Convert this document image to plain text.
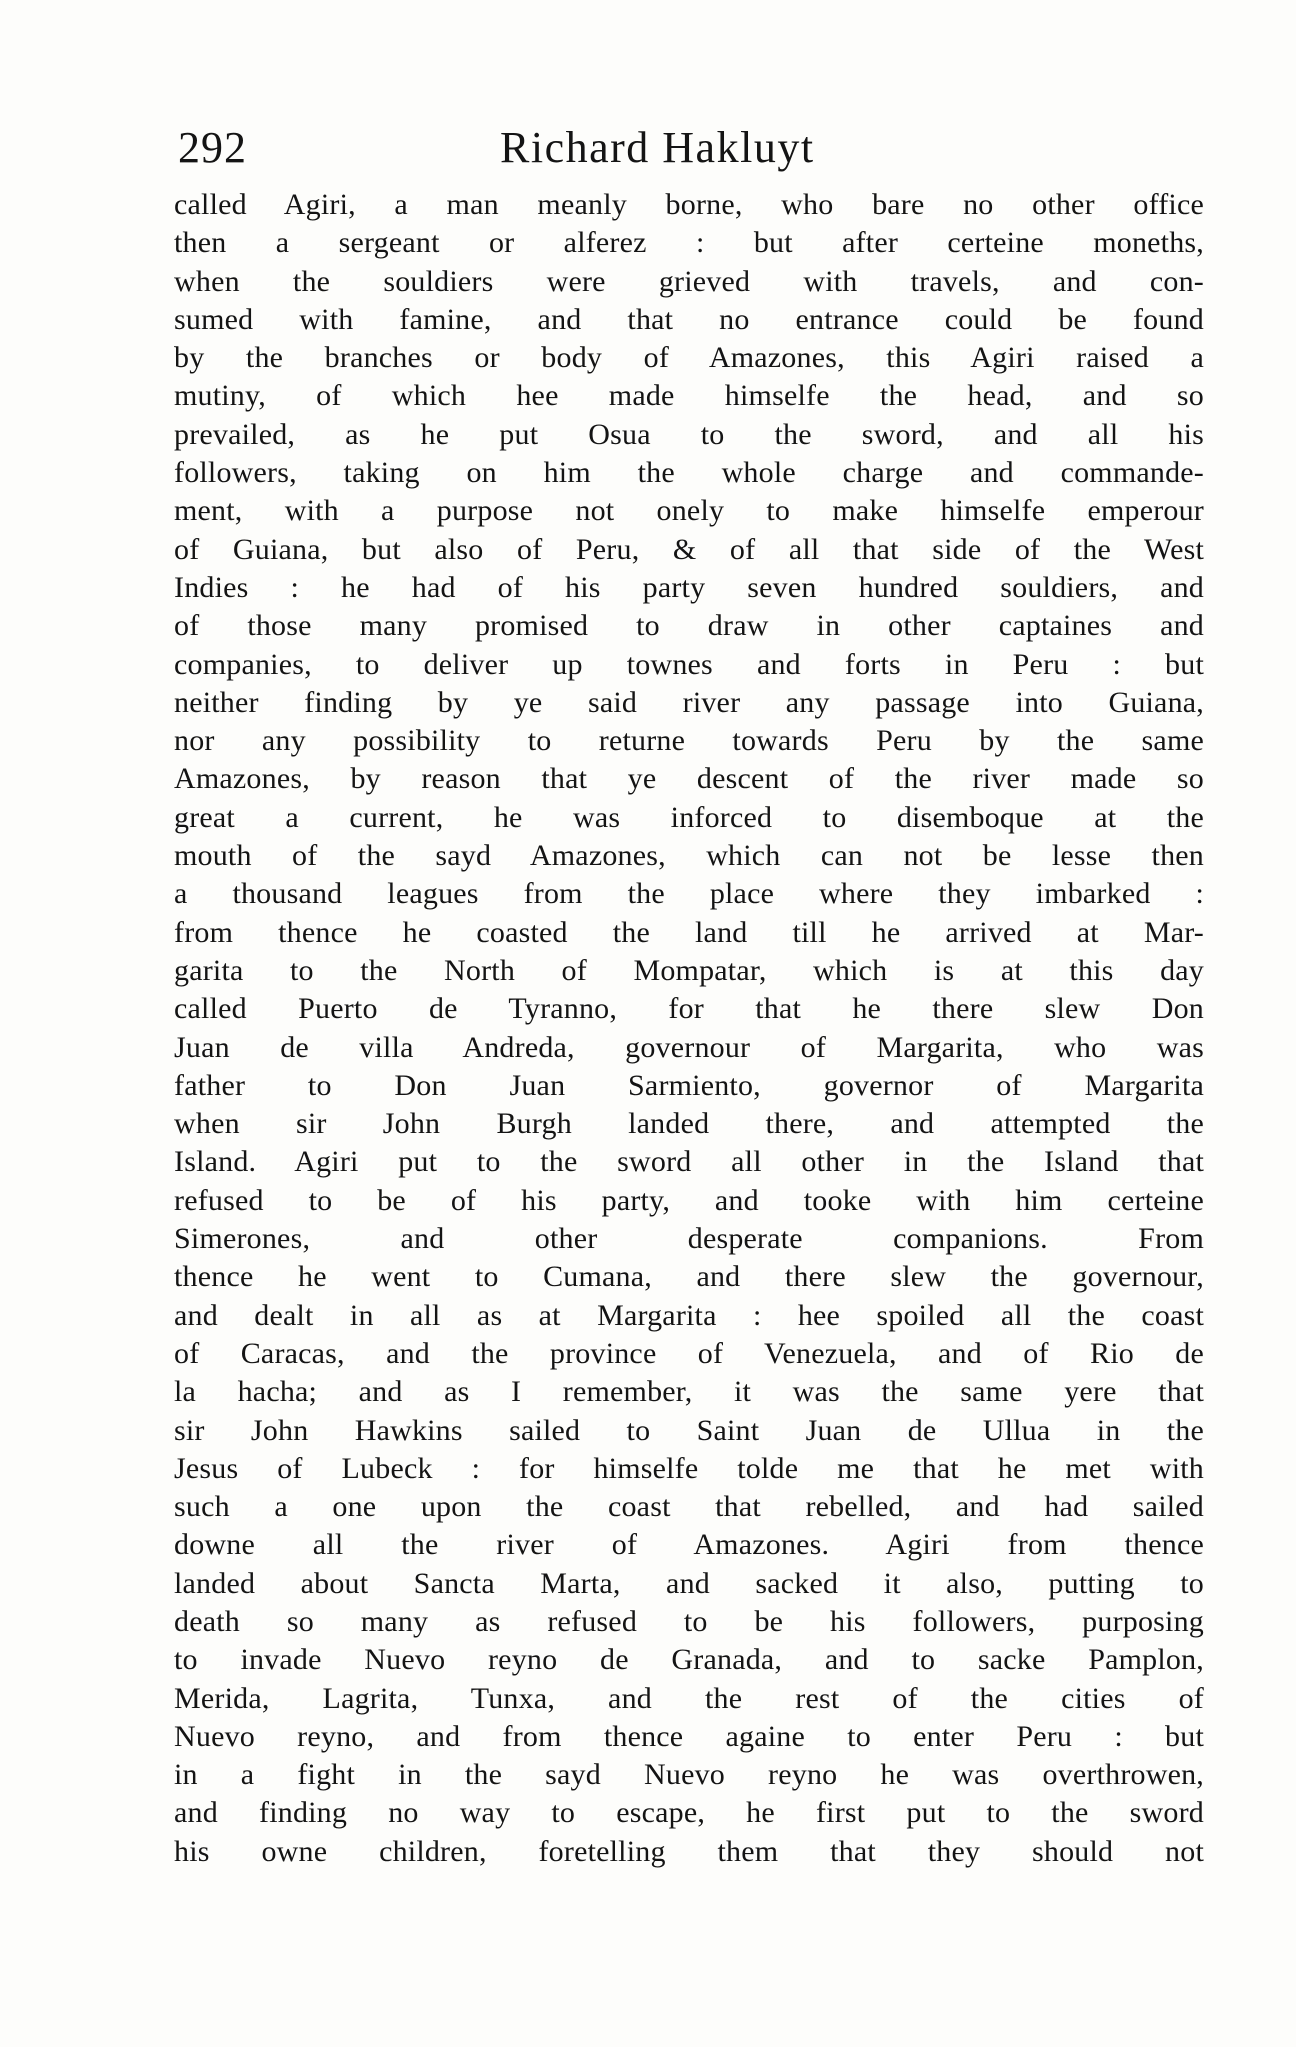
292	Richard Hakluyt
called Agiri, a man meanly borne, who bare no other office
then a sergeant or alferez : but after certeine moneths,
when the souldiers were grieved with travels, and con-
sumed with famine, and that no entrance could be found
by the branches or body of Amazones, this Agiri raised a
mutiny, of which hee made himselfe the head, and so
prevailed, as he put Osua to the sword, and all his
followers, taking on him the whole charge and commande-
ment, with a purpose not onely to make himselfe emperour
of Guiana, but also of Peru, & of all that side of the West
Indies : he had of his party seven hundred souldiers, and
of those many promised to draw in other captaines and
companies, to deliver up townes and forts in Peru : but
neither finding by ye said river any passage into Guiana,
nor any possibility to returne towards Peru by the same
Amazones, by reason that ye descent of the river made so
great a current, he was inforced to disemboque at the
mouth of the sayd Amazones, which can not be lesse then
a thousand leagues from the place where they imbarked :
from thence he coasted the land till he arrived at Mar-
garita to the North of Mompatar, which is at this day
called Puerto de Tyranno, for that he there slew Don
Juan de villa Andreda, governour of Margarita, who was
father to Don Juan Sarmiento, governor of Margarita
when sir John Burgh landed there, and attempted the
Island. Agiri put to the sword all other in the Island that
refused to be of his party, and tooke with him certeine
Simerones, and other desperate companions. From
thence he went to Cumana, and there slew the governour,
and dealt in all as at Margarita : hee spoiled all the coast
of Caracas, and the province of Venezuela, and of Rio de
la hacha; and as I remember, it was the same yere that
sir John Hawkins sailed to Saint Juan de Ullua in the
Jesus of Lubeck : for himselfe tolde me that he met with
such a one upon the coast that rebelled, and had sailed
downe all the river of Amazones. Agiri from thence
landed about Sancta Marta, and sacked it also, putting to
death so many as refused to be his followers, purposing
to invade Nuevo reyno de Granada, and to sacke Pamplon,
Merida, Lagrita, Tunxa, and the rest of the cities of
Nuevo reyno, and from thence againe to enter Peru : but
in a fight in the sayd Nuevo reyno he was overthrowen,
and finding no way to escape, he first put to the sword
his owne children, foretelling them that they should not
